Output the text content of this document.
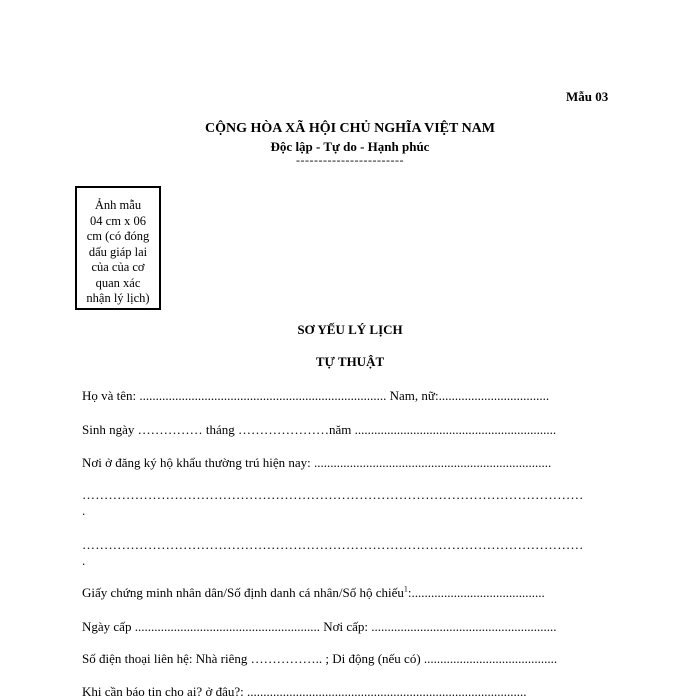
Mẫu 03
CỘNG HÒA XÃ HỘI CHỦ NGHĨA VIỆT NAM
Độc lập - Tự do - Hạnh phúc
------------------------
Ảnh mẫu
04 cm x 06
cm (có đóng
dấu giáp lai
của của cơ
quan xác
nhận lý lịch)
SƠ YẾU LÝ LỊCH
TỰ THUẬT
Họ và tên: ............................................................................ Nam, nữ:..................................
Sinh ngày …………… tháng …………………năm ..............................................................
Nơi ở đăng ký hộ khẩu thường trú hiện nay: .........................................................................
……………………………………………………………………………………………………
.
……………………………………………………………………………………………………
.
Giấy chứng minh nhân dân/Số định danh cá nhân/Số hộ chiếu$^1$:.........................................
Ngày cấp ......................................................... Nơi cấp: .........................................................
Số điện thoại liên hệ: Nhà riêng …………….. ; Di động (nếu có) .........................................
Khi cần báo tin cho ai? ở đâu?: ......................................................................................
